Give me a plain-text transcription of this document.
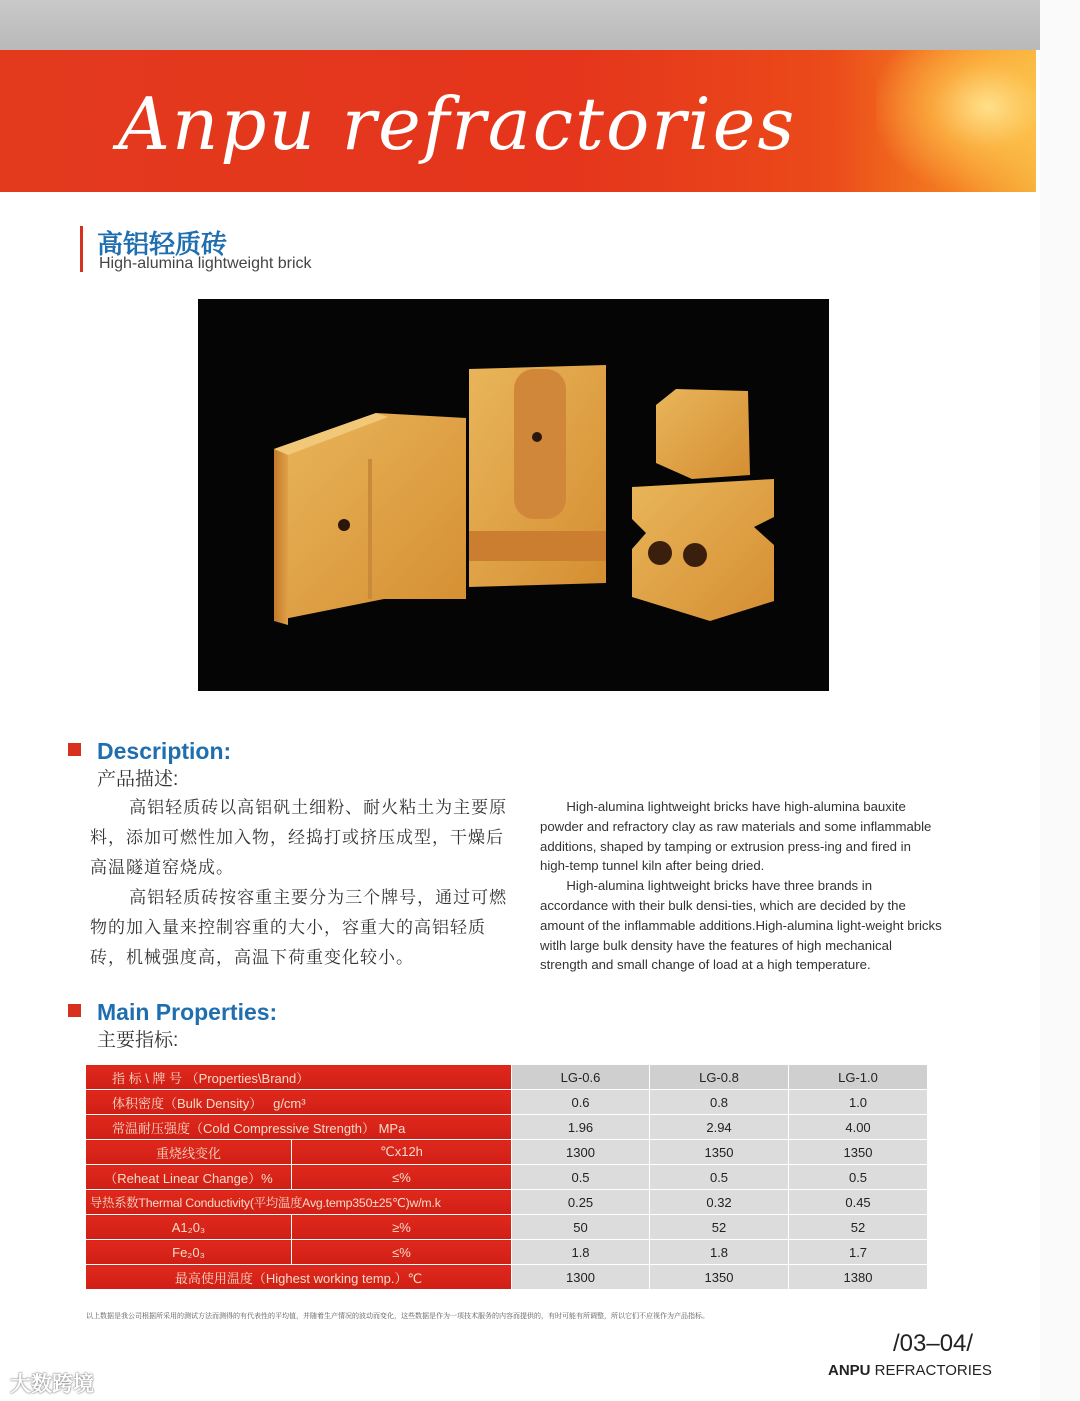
Anpu refractories
高铝轻质砖
High-alumina lightweight brick
Description:
产品描述:

高铝轻质砖以高铝矾土细粉、耐火粘土为主要原料，添加可燃性加入物，经捣打或挤压成型，干燥后高温隧道窑烧成。

高铝轻质砖按容重主要分为三个牌号，通过可燃物的加入量来控制容重的大小，容重大的高铝轻质砖，机械强度高，高温下荷重变化较小。

High-alumina lightweight bricks have high-alumina bauxite powder and refractory clay as raw materials and some inflammable additions, shaped by tamping or extrusion press-ing and fired in high-temp tunnel kiln after being dried.

High-alumina lightweight bricks have three brands in accordance with their bulk densi-ties, which are decided by the amount of the inflammable additions.High-alumina light-weight bricks witlh large bulk density have the features of high mechanical strength and small change of load at a high temperature.

Main Properties:
主要指标:
指 标 \ 牌 号 （Properties\Brand）		LG-0.6	LG-0.8	LG-1.0
体积密度（Bulk Density） g/cm³		0.6	0.8	1.0
常温耐压强度（Cold Compressive Strength） MPa		1.96	2.94	4.00
重烧线变化	℃x12h	1300	1350	1350
（Reheat Linear Change）%	≤%	0.5	0.5	0.5
导热系数Thermal Conductivity(平均温度Avg.temp350±25℃)w/m.k		0.25	0.32	0.45
A1₂0₃	≥%	50	52	52
Fe₂0₃	≤%	1.8	1.8	1.7
最高使用温度（Highest working temp.）℃		1300	1350	1380
以上数据是我公司根据所采用的测试方法而测得的有代表性的平均值，并随着生产情况的波动而变化，这些数据是作为一项技术服务的内容而提供的，有时可能有所调整，所以它们不应视作为产品指标。
/03–04/
ANPU REFRACTORIES
大数跨境
